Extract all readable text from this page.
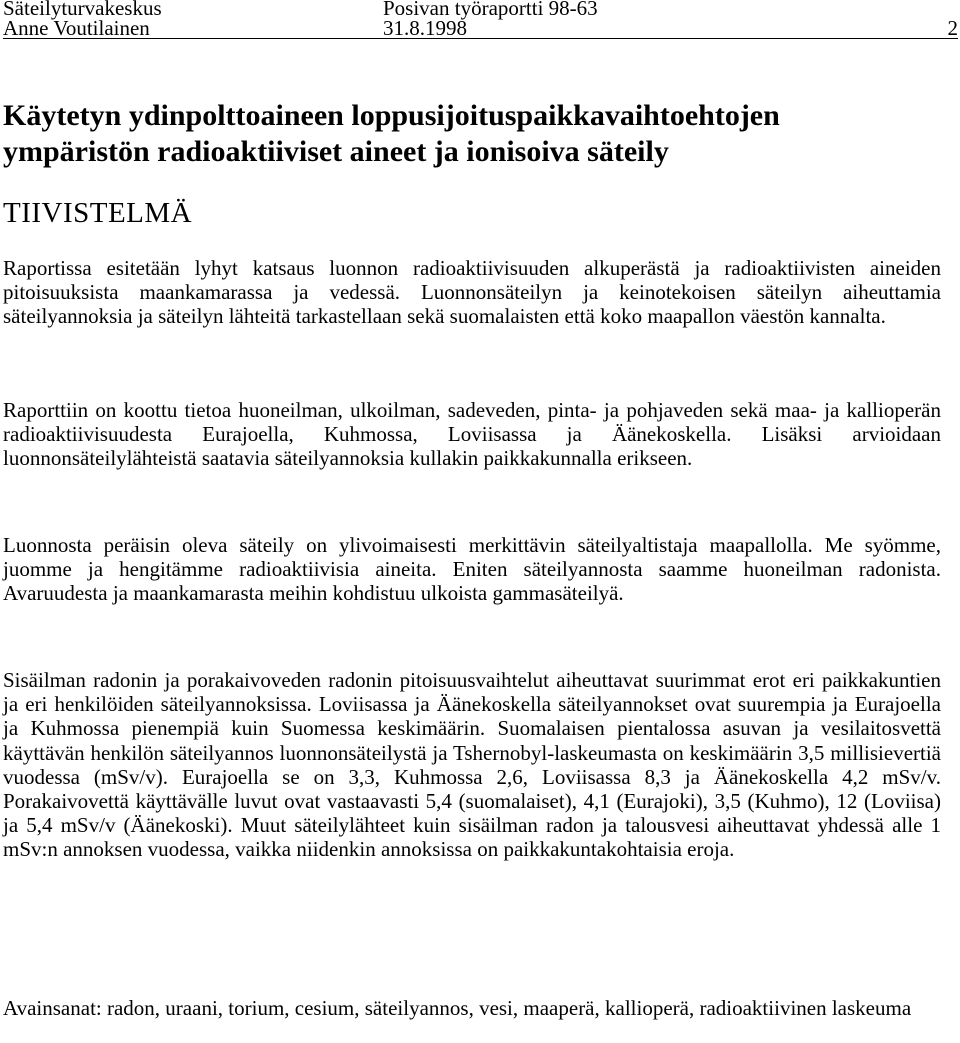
Säteilyturvakeskus	Posivan työraportti 98-63
Anne Voutilainen	31.8.1998	2
Käytetyn ydinpolttoaineen loppusijoituspaikkavaihtoehtojen ympäristön radioaktiiviset aineet ja ionisoiva säteily
TIIVISTELMÄ

Raportissa esitetään lyhyt katsaus luonnon radioaktiivisuuden alkuperästä ja radioaktiivisten aineiden pitoisuuksista maankamarassa ja vedessä. Luonnonsäteilyn ja keinotekoisen säteilyn aiheuttamia säteilyannoksia ja säteilyn lähteitä tarkastellaan sekä suomalaisten että koko maapallon väestön kannalta.

Raporttiin on koottu tietoa huoneilman, ulkoilman, sadeveden, pinta- ja pohjaveden sekä maa- ja kallioperän radioaktiivisuudesta Eurajoella, Kuhmossa, Loviisassa ja Äänekoskella. Lisäksi arvioidaan luonnonsäteilylähteistä saatavia säteilyannoksia kullakin paikkakunnalla erikseen.

Luonnosta peräisin oleva säteily on ylivoimaisesti merkittävin säteilyaltistaja maapallolla. Me syömme, juomme ja hengitämme radioaktiivisia aineita. Eniten säteilyannosta saamme huoneilman radonista. Avaruudesta ja maankamarasta meihin kohdistuu ulkoista gammasäteilyä.

Sisäilman radonin ja porakaivoveden radonin pitoisuusvaihtelut aiheuttavat suurimmat erot eri paikkakuntien ja eri henkilöiden säteilyannoksissa. Loviisassa ja Äänekoskella säteilyannokset ovat suurempia ja Eurajoella ja Kuhmossa pienempiä kuin Suomessa keskimäärin. Suomalaisen pientalossa asuvan ja vesilaitosvettä käyttävän henkilön säteilyannos luonnonsäteilystä ja Tshernobyl-laskeumasta on keskimäärin 3,5 millisievertiä vuodessa (mSv/v). Eurajoella se on 3,3, Kuhmossa 2,6, Loviisassa 8,3 ja Äänekoskella 4,2 mSv/v. Porakaivovettä käyttävälle luvut ovat vastaavasti 5,4 (suomalaiset), 4,1 (Eurajoki), 3,5 (Kuhmo), 12 (Loviisa) ja 5,4 mSv/v (Äänekoski). Muut säteilylähteet kuin sisäilman radon ja talousvesi aiheuttavat yhdessä alle 1 mSv:n annoksen vuodessa, vaikka niidenkin annoksissa on paikkakuntakohtaisia eroja.

Avainsanat: radon, uraani, torium, cesium, säteilyannos, vesi, maaperä, kallioperä, radioaktiivinen laskeuma
